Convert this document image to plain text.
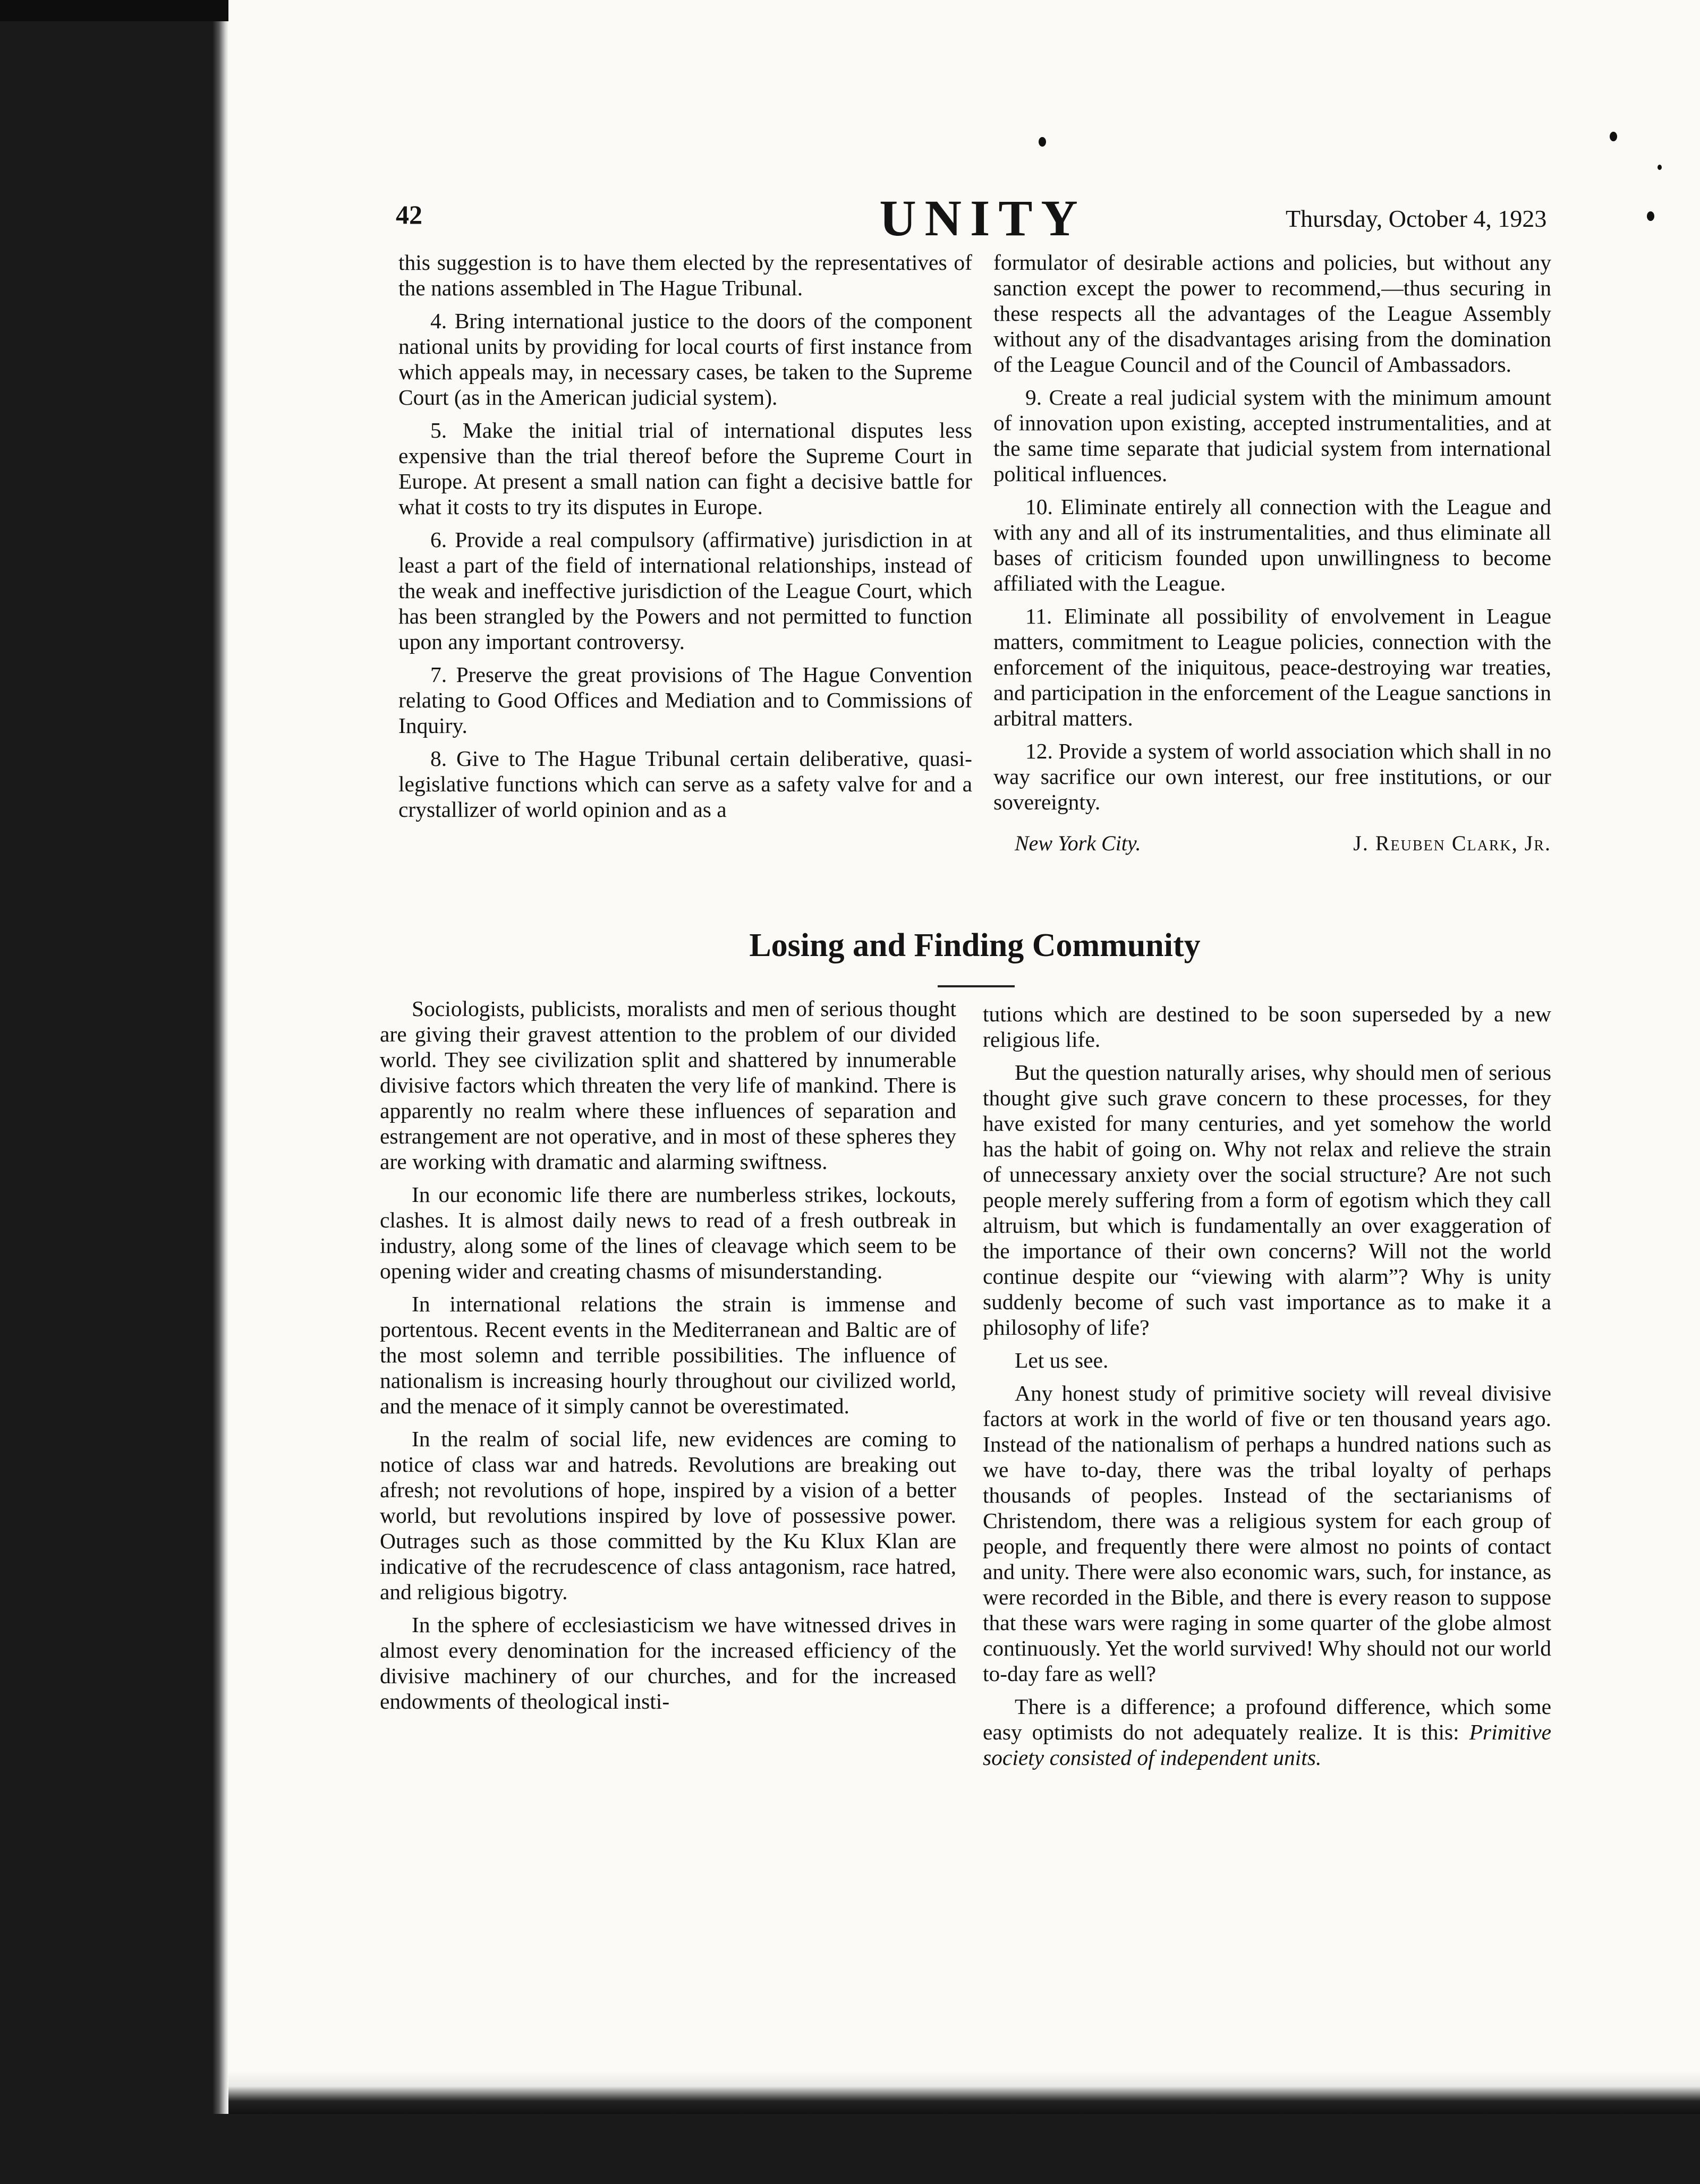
42	UNITY	Thursday, October 4, 1923

this suggestion is to have them elected by the representatives of the nations assembled in The Hague Tribunal.

4. Bring international justice to the doors of the component national units by providing for local courts of first instance from which appeals may, in necessary cases, be taken to the Supreme Court (as in the American judicial system).

5. Make the initial trial of international disputes less expensive than the trial thereof before the Supreme Court in Europe. At present a small nation can fight a decisive battle for what it costs to try its disputes in Europe.

6. Provide a real compulsory (affirmative) jurisdiction in at least a part of the field of international relationships, instead of the weak and ineffective jurisdiction of the League Court, which has been strangled by the Powers and not permitted to function upon any important controversy.

7. Preserve the great provisions of The Hague Convention relating to Good Offices and Mediation and to Commissions of Inquiry.

8. Give to The Hague Tribunal certain deliberative, quasi-legislative functions which can serve as a safety valve for and a crystallizer of world opinion and as a

formulator of desirable actions and policies, but without any sanction except the power to recommend,—thus securing in these respects all the advantages of the League Assembly without any of the disadvantages arising from the domination of the League Council and of the Council of Ambassadors.

9. Create a real judicial system with the minimum amount of innovation upon existing, accepted instrumentalities, and at the same time separate that judicial system from international political influences.

10. Eliminate entirely all connection with the League and with any and all of its instrumentalities, and thus eliminate all bases of criticism founded upon unwillingness to become affiliated with the League.

11. Eliminate all possibility of envolvement in League matters, commitment to League policies, connection with the enforcement of the iniquitous, peace-destroying war treaties, and participation in the enforcement of the League sanctions in arbitral matters.

12. Provide a system of world association which shall in no way sacrifice our own interest, our free institutions, or our sovereignty.

New York City.	J. Reuben Clark, Jr.
Losing and Finding Community

Sociologists, publicists, moralists and men of serious thought are giving their gravest attention to the problem of our divided world. They see civilization split and shattered by innumerable divisive factors which threaten the very life of mankind. There is apparently no realm where these influences of separation and estrangement are not operative, and in most of these spheres they are working with dramatic and alarming swiftness.

In our economic life there are numberless strikes, lockouts, clashes. It is almost daily news to read of a fresh outbreak in industry, along some of the lines of cleavage which seem to be opening wider and creating chasms of misunderstanding.

In international relations the strain is immense and portentous. Recent events in the Mediterranean and Baltic are of the most solemn and terrible possibilities. The influence of nationalism is increasing hourly throughout our civilized world, and the menace of it simply cannot be overestimated.

In the realm of social life, new evidences are coming to notice of class war and hatreds. Revolutions are breaking out afresh; not revolutions of hope, inspired by a vision of a better world, but revolutions inspired by love of possessive power. Outrages such as those committed by the Ku Klux Klan are indicative of the recrudescence of class antagonism, race hatred, and religious bigotry.

In the sphere of ecclesiasticism we have witnessed drives in almost every denomination for the increased efficiency of the divisive machinery of our churches, and for the increased endowments of theological insti-

tutions which are destined to be soon superseded by a new religious life.

But the question naturally arises, why should men of serious thought give such grave concern to these processes, for they have existed for many centuries, and yet somehow the world has the habit of going on. Why not relax and relieve the strain of unnecessary anxiety over the social structure? Are not such people merely suffering from a form of egotism which they call altruism, but which is fundamentally an over exaggeration of the importance of their own concerns? Will not the world continue despite our “viewing with alarm”? Why is unity suddenly become of such vast importance as to make it a philosophy of life?

Let us see.

Any honest study of primitive society will reveal divisive factors at work in the world of five or ten thousand years ago. Instead of the nationalism of perhaps a hundred nations such as we have to-day, there was the tribal loyalty of perhaps thousands of peoples. Instead of the sectarianisms of Christendom, there was a religious system for each group of people, and frequently there were almost no points of contact and unity. There were also economic wars, such, for instance, as were recorded in the Bible, and there is every reason to suppose that these wars were raging in some quarter of the globe almost continuously. Yet the world survived! Why should not our world to-day fare as well?

There is a difference; a profound difference, which some easy optimists do not adequately realize. It is this: Primitive society consisted of independent units.
